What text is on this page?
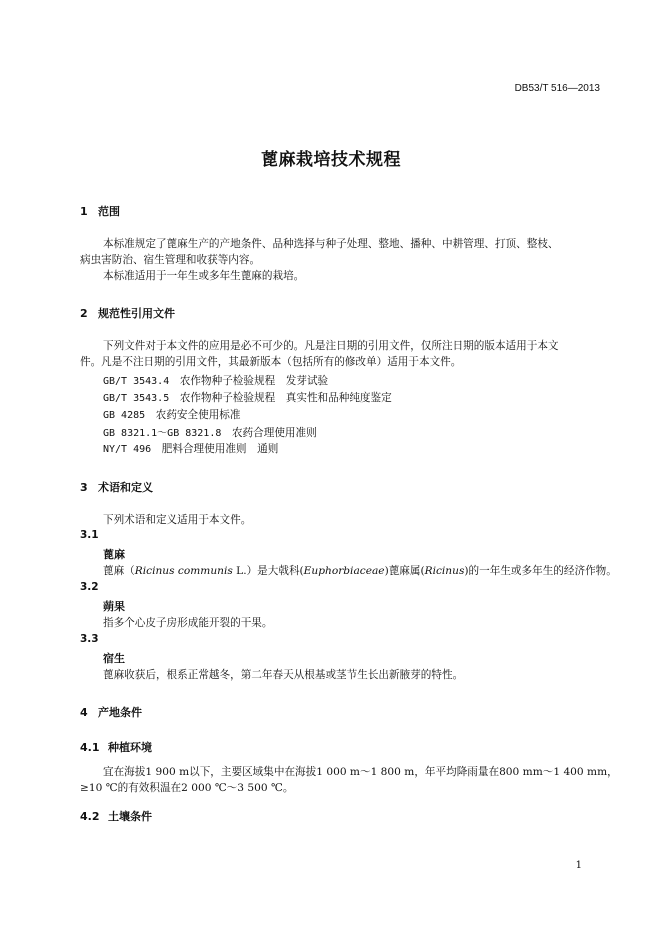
DB53/T 516—2013
蓖麻栽培技术规程
1 范围
本标准规定了蓖麻生产的产地条件、品种选择与种子处理、整地、播种、中耕管理、打顶、整枝、
病虫害防治、宿生管理和收获等内容。
本标准适用于一年生或多年生蓖麻的栽培。
2 规范性引用文件
下列文件对于本文件的应用是必不可少的。凡是注日期的引用文件，仅所注日期的版本适用于本文
件。凡是不注日期的引用文件，其最新版本（包括所有的修改单）适用于本文件。
GB/T 3543.4　 农作物种子检验规程　发芽试验
GB/T 3543.5　 农作物种子检验规程　真实性和品种纯度鉴定
GB 4285　 农药安全使用标准
GB 8321.1～GB 8321.8　 农药合理使用准则
NY/T 496　 肥料合理使用准则　通则
3 术语和定义
下列术语和定义适用于本文件。
3.1
蓖麻
蓖麻（Ricinus communis L.）是大戟科(Euphorbiaceae)蓖麻属(Ricinus)的一年生或多年生的经济作物。
3.2
蒴果
指多个心皮子房形成能开裂的干果。
3.3
宿生
蓖麻收获后，根系正常越冬，第二年春天从根基或茎节生长出新腋芽的特性。
4 产地条件
4.1 种植环境
宜在海拔1 900 m以下，主要区域集中在海拔1 000 m～1 800 m，年平均降雨量在800 mm～1 400 mm，
≥10 ℃的有效积温在2 000 ℃～3 500 ℃。
4.2 土壤条件
1
